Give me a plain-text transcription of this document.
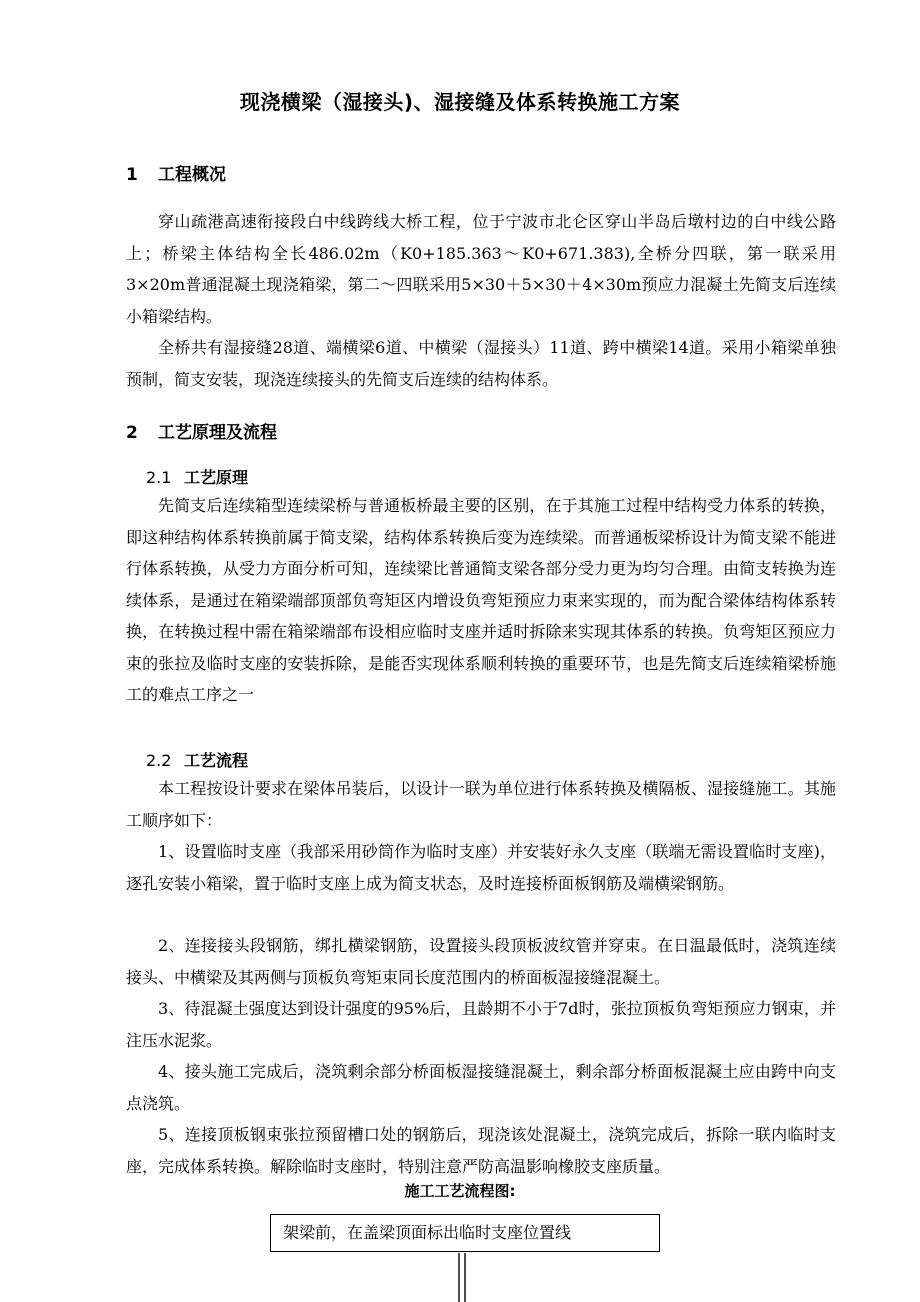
现浇横梁（湿接头)、湿接缝及体系转换施工方案
1 工程概况

穿山疏港高速衔接段白中线跨线大桥工程，位于宁波市北仑区穿山半岛后墩村边的白中线公路上；桥梁主体结构全长486.02m（K0+185.363～K0+671.383),全桥分四联，第一联采用3×20m普通混凝土现浇箱梁，第二～四联采用5×30＋5×30＋4×30m预应力混凝土先简支后连续小箱梁结构。

全桥共有湿接缝28道、端横梁6道、中横梁（湿接头）11道、跨中横梁14道。采用小箱梁单独预制，简支安装，现浇连续接头的先简支后连续的结构体系。

2 工艺原理及流程
2.1 工艺原理

先简支后连续箱型连续梁桥与普通板桥最主要的区别，在于其施工过程中结构受力体系的转换，即这种结构体系转换前属于简支梁，结构体系转换后变为连续梁。而普通板梁桥设计为简支梁不能进行体系转换，从受力方面分析可知，连续梁比普通简支梁各部分受力更为均匀合理。由简支转换为连续体系，是通过在箱梁端部顶部负弯矩区内增设负弯矩预应力束来实现的，而为配合梁体结构体系转换，在转换过程中需在箱梁端部布设相应临时支座并适时拆除来实现其体系的转换。负弯矩区预应力束的张拉及临时支座的安装拆除，是能否实现体系顺利转换的重要环节，也是先简支后连续箱梁桥施工的难点工序之一

2.2 工艺流程

本工程按设计要求在梁体吊装后，以设计一联为单位进行体系转换及横隔板、湿接缝施工。其施工顺序如下：

1、设置临时支座（我部采用砂筒作为临时支座）并安装好永久支座（联端无需设置临时支座)，逐孔安装小箱梁，置于临时支座上成为简支状态，及时连接桥面板钢筋及端横梁钢筋。

2、连接接头段钢筋，绑扎横梁钢筋，设置接头段顶板波纹管并穿束。在日温最低时，浇筑连续接头、中横梁及其两侧与顶板负弯矩束同长度范围内的桥面板湿接缝混凝土。

3、待混凝土强度达到设计强度的95%后，且龄期不小于7d时，张拉顶板负弯矩预应力钢束，并注压水泥浆。

4、接头施工完成后，浇筑剩余部分桥面板湿接缝混凝土，剩余部分桥面板混凝土应由跨中向支点浇筑。

5、连接顶板钢束张拉预留槽口处的钢筋后，现浇该处混凝土，浇筑完成后，拆除一联内临时支座，完成体系转换。解除临时支座时，特别注意严防高温影响橡胶支座质量。

施工工艺流程图:
架梁前，在盖梁顶面标出临时支座位置线
